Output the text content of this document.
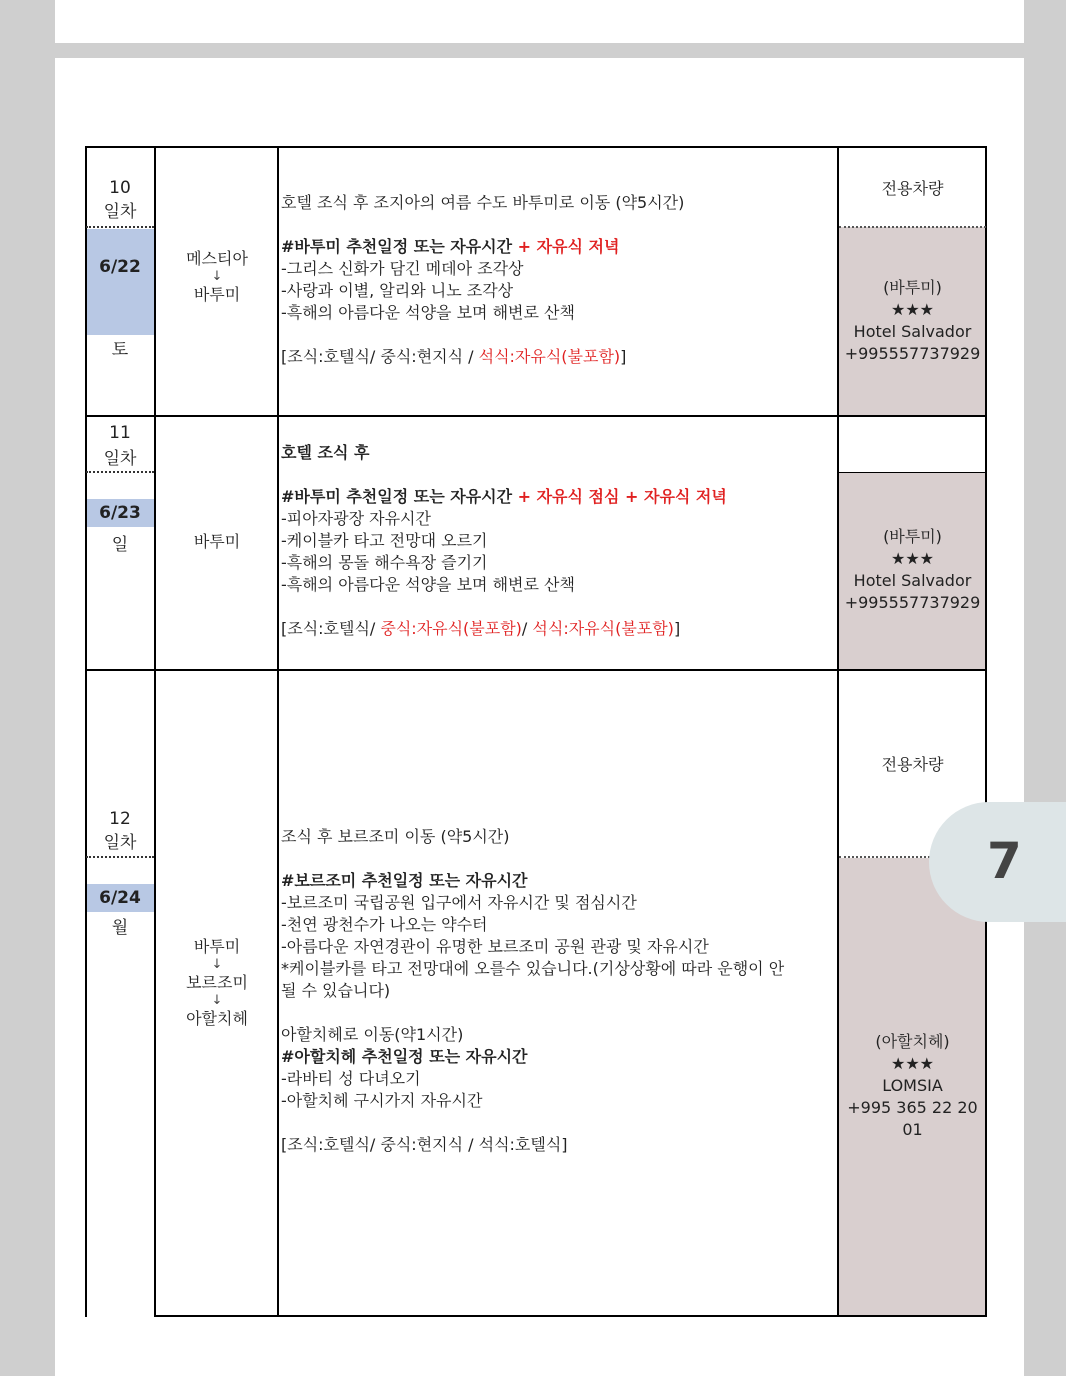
6/22
6/23
6/24
10
일차
토
메스티아
↓
바투미

호텔 조식 후 조지아의 여름 수도 바투미로 이동 (약5시간)

#바투미 추천일정 또는 자유시간 + 자유식 저녁

-그리스 신화가 담긴 메데아 조각상

-사랑과 이별, 알리와 니노 조각상

-흑해의 아름다운 석양을 보며 해변로 산책

[조식:호텔식/ 중식:현지식 / 석식:자유식(불포함)]

전용차량
(바투미)
★★★
Hotel Salvador
+995557737929
11
일차
일	바투미

호텔 조식 후

#바투미 추천일정 또는 자유시간 + 자유식 점심 + 자유식 저녁

-피아자광장 자유시간

-케이블카 타고 전망대 오르기

-흑해의 몽돌 해수욕장 즐기기

-흑해의 아름다운 석양을 보며 해변로 산책

[조식:호텔식/ 중식:자유식(불포함)/ 석식:자유식(불포함)]

(바투미)
★★★
Hotel Salvador
+995557737929
12
일차
월
바투미
↓
보르조미
↓
아할치헤

조식 후 보르조미 이동 (약5시간)

#보르조미 추천일정 또는 자유시간

-보르조미 국립공원 입구에서 자유시간 및 점심시간

-천연 광천수가 나오는 약수터

-아름다운 자연경관이 유명한 보르조미 공원 관광 및 자유시간

*케이블카를 타고 전망대에 오를수 있습니다.(기상상황에 따라 운행이 안

될 수 있습니다)

아할치헤로 이동(약1시간)

#아할치헤 추천일정 또는 자유시간

-라바티 성 다녀오기

-아할치헤 구시가지 자유시간

[조식:호텔식/ 중식:현지식 / 석식:호텔식]

전용차량
(아할치헤)
★★★
LOMSIA
+995 365 22 20
01
7
